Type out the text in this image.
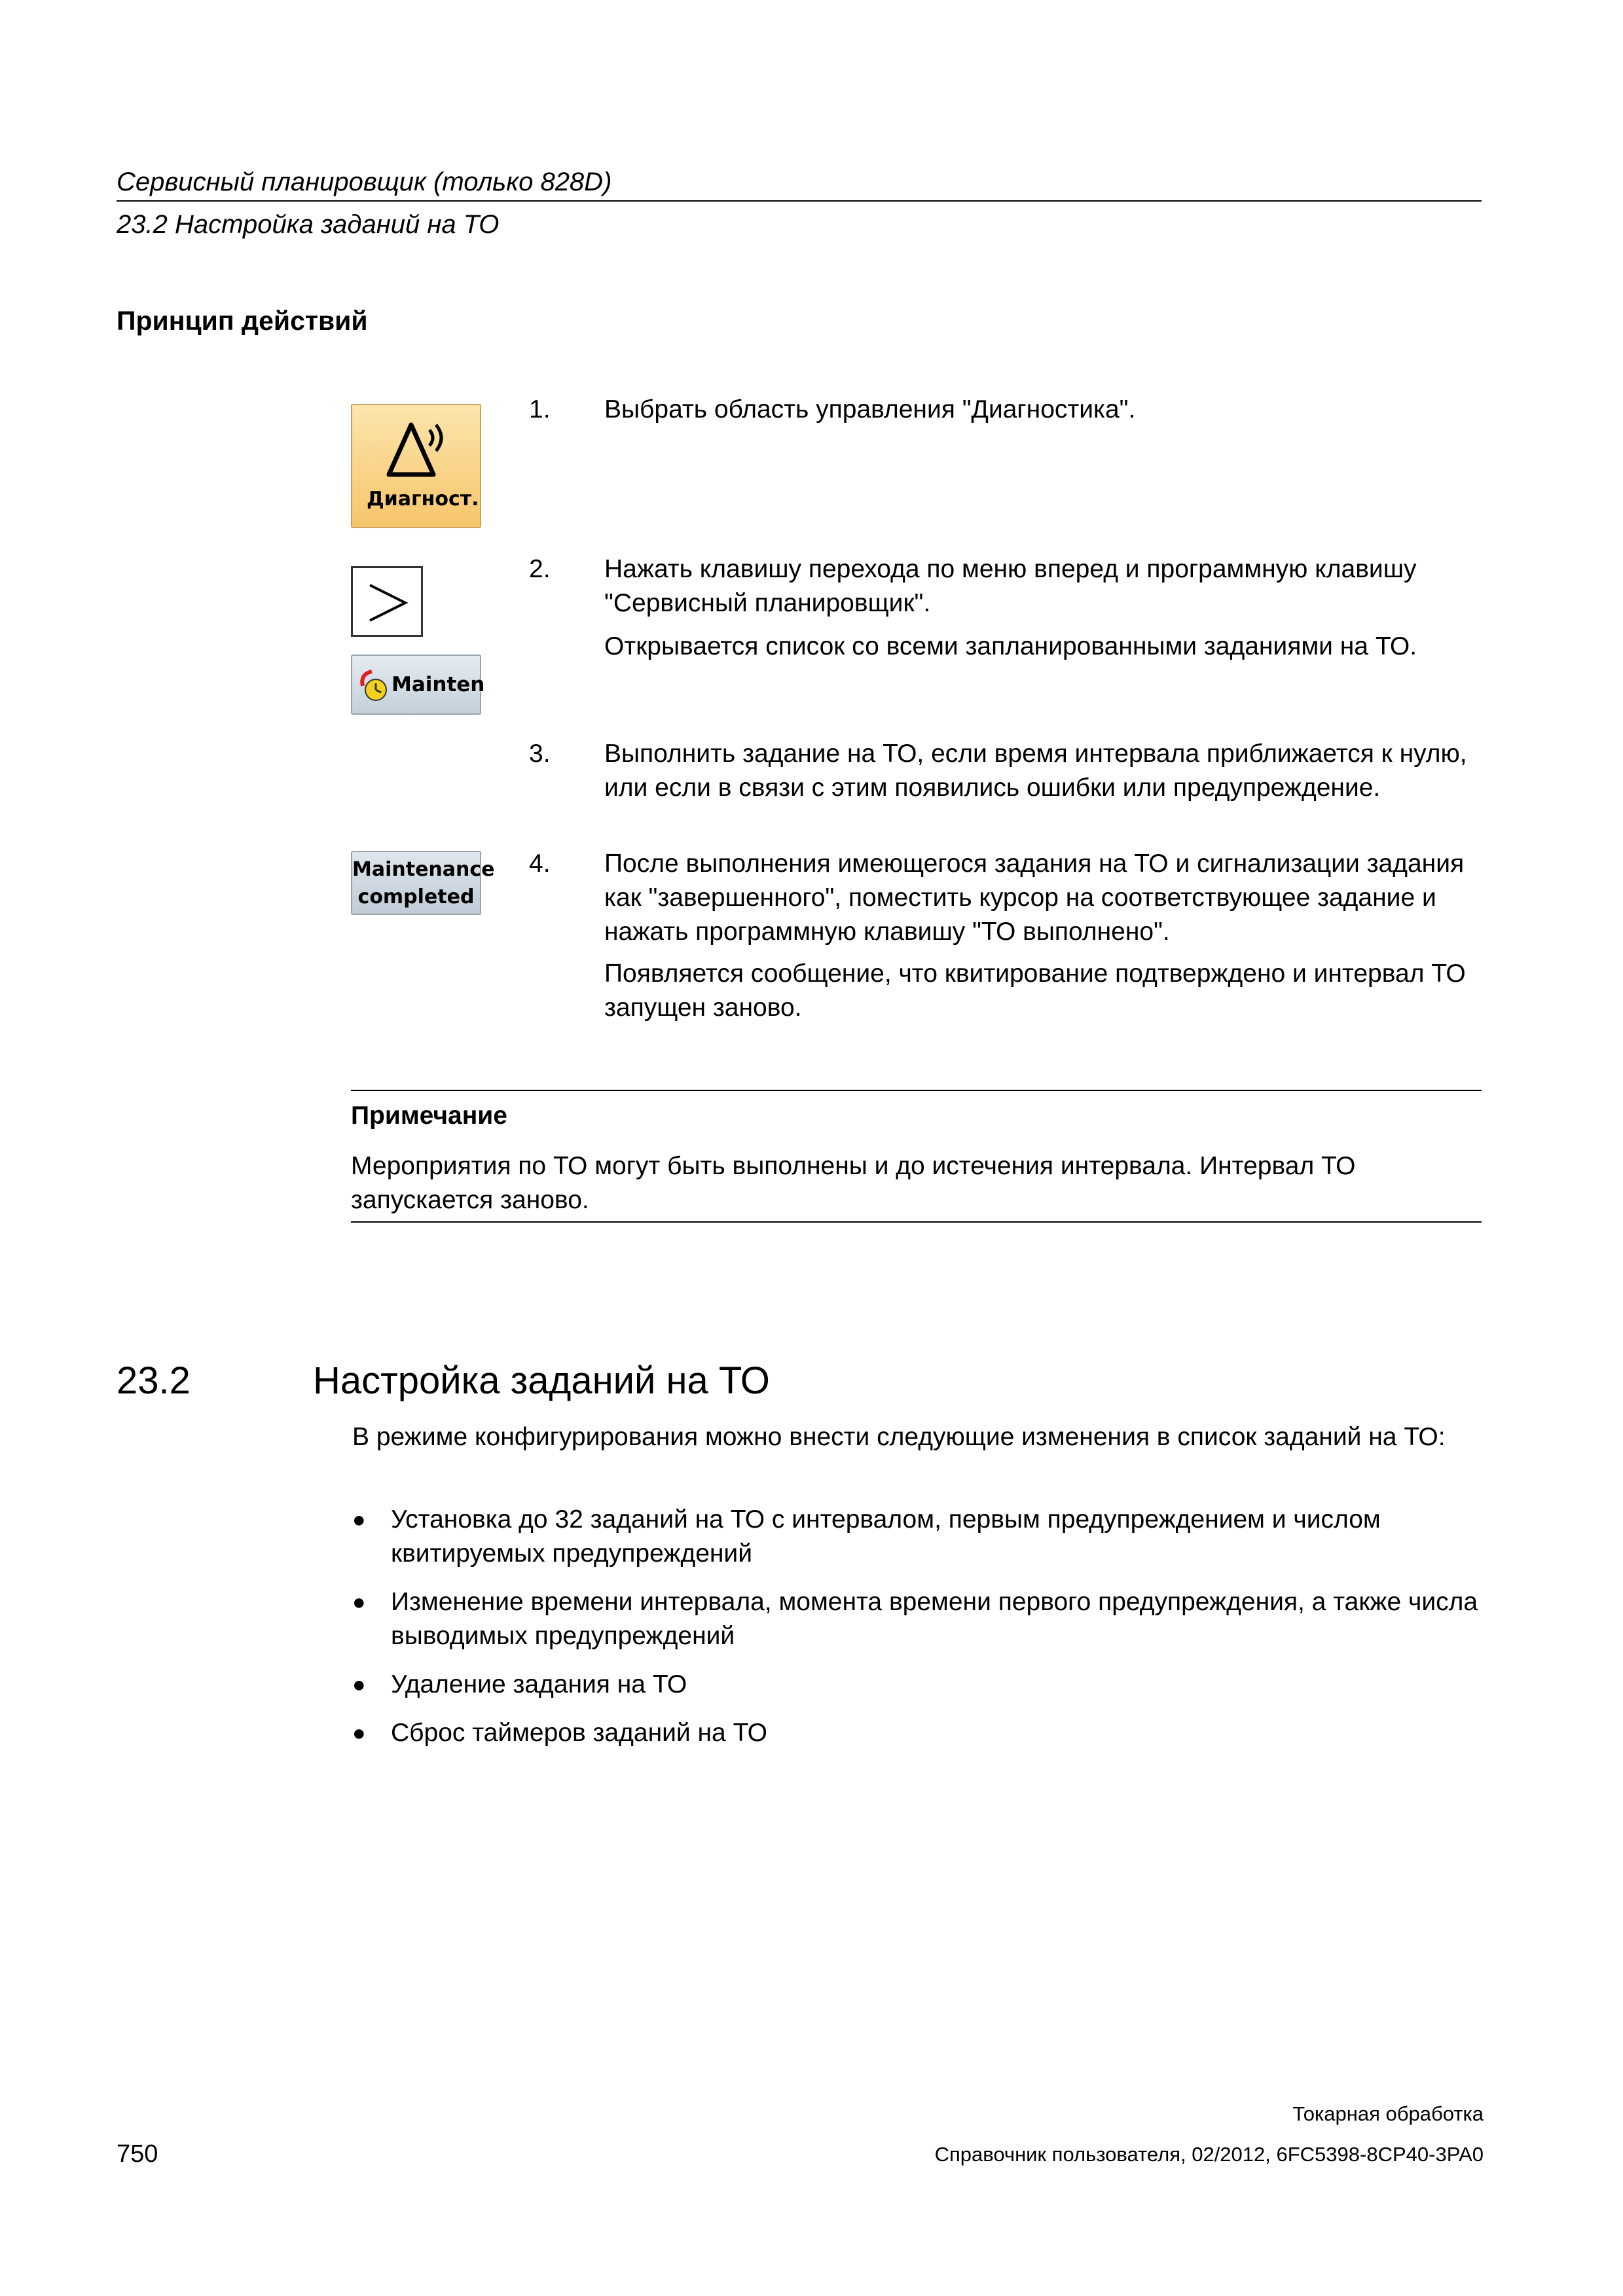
Сервисный планировщик (только 828D)
23.2 Настройка заданий на ТО
Принцип действий
Диагност.
Mainten
Maintenance
completed
1. Выбрать область управления "Диагностика".
2. Нажать клавишу перехода по меню вперед и программную клавишу "Сервисный планировщик".
Открывается список со всеми запланированными заданиями на ТО.
3. Выполнить задание на ТО, если время интервала приближается к нулю, или если в связи с этим появились ошибки или предупреждение.
4. После выполнения имеющегося задания на ТО и сигнализации задания как "завершенного", поместить курсор на соответствующее задание и нажать программную клавишу "ТО выполнено".
Появляется сообщение, что квитирование подтверждено и интервал ТО запущен заново.
Примечание
Мероприятия по ТО могут быть выполнены и до истечения интервала. Интервал ТО запускается заново.
23.2	Настройка заданий на ТО
В режиме конфигурирования можно внести следующие изменения в список заданий на ТО:
● Установка до 32 заданий на ТО с интервалом, первым предупреждением и числом квитируемых предупреждений
● Изменение времени интервала, момента времени первого предупреждения, а также числа выводимых предупреждений
● Удаление задания на ТО
● Сброс таймеров заданий на ТО
Токарная обработка
750	Справочник пользователя, 02/2012, 6FC5398-8CP40-3PA0
